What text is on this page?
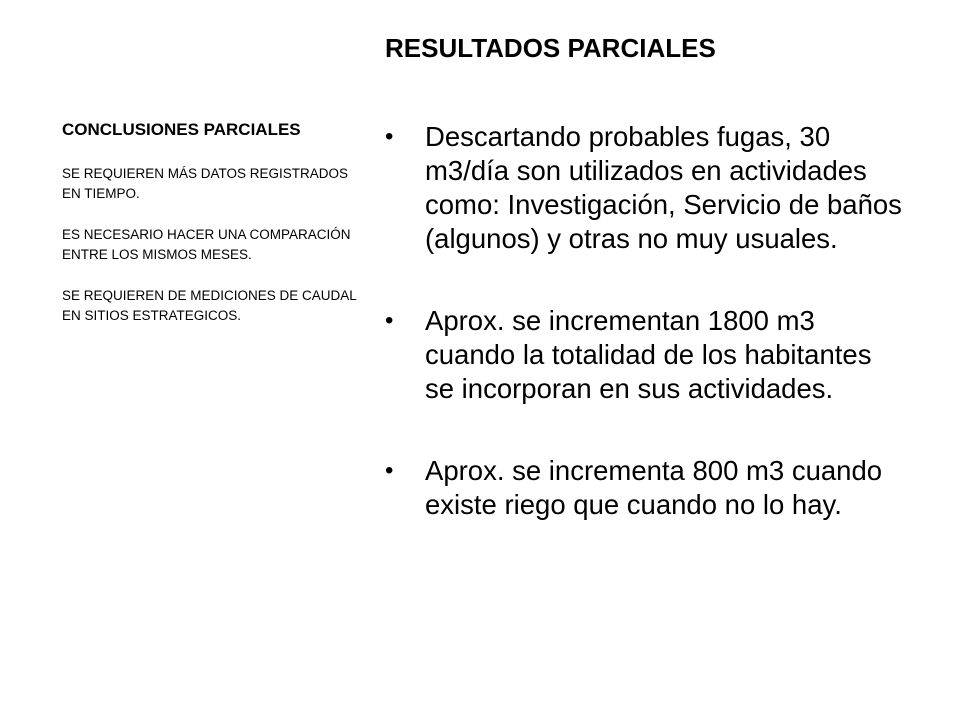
CONCLUSIONES PARCIALES

SE REQUIEREN MÁS DATOS REGISTRADOS EN TIEMPO.

ES NECESARIO HACER UNA COMPARACIÓN ENTRE LOS MISMOS MESES.

SE REQUIEREN DE MEDICIONES DE CAUDAL EN SITIOS ESTRATEGICOS.

RESULTADOS PARCIALES
• Descartando probables fugas, 30 m3/día son utilizados en actividades como: Investigación, Servicio de baños (algunos) y otras no muy usuales.
• Aprox. se incrementan 1800 m3 cuando la totalidad de los habitantes se incorporan en sus actividades.
• Aprox. se incrementa 800 m3 cuando existe riego que cuando no lo hay.
